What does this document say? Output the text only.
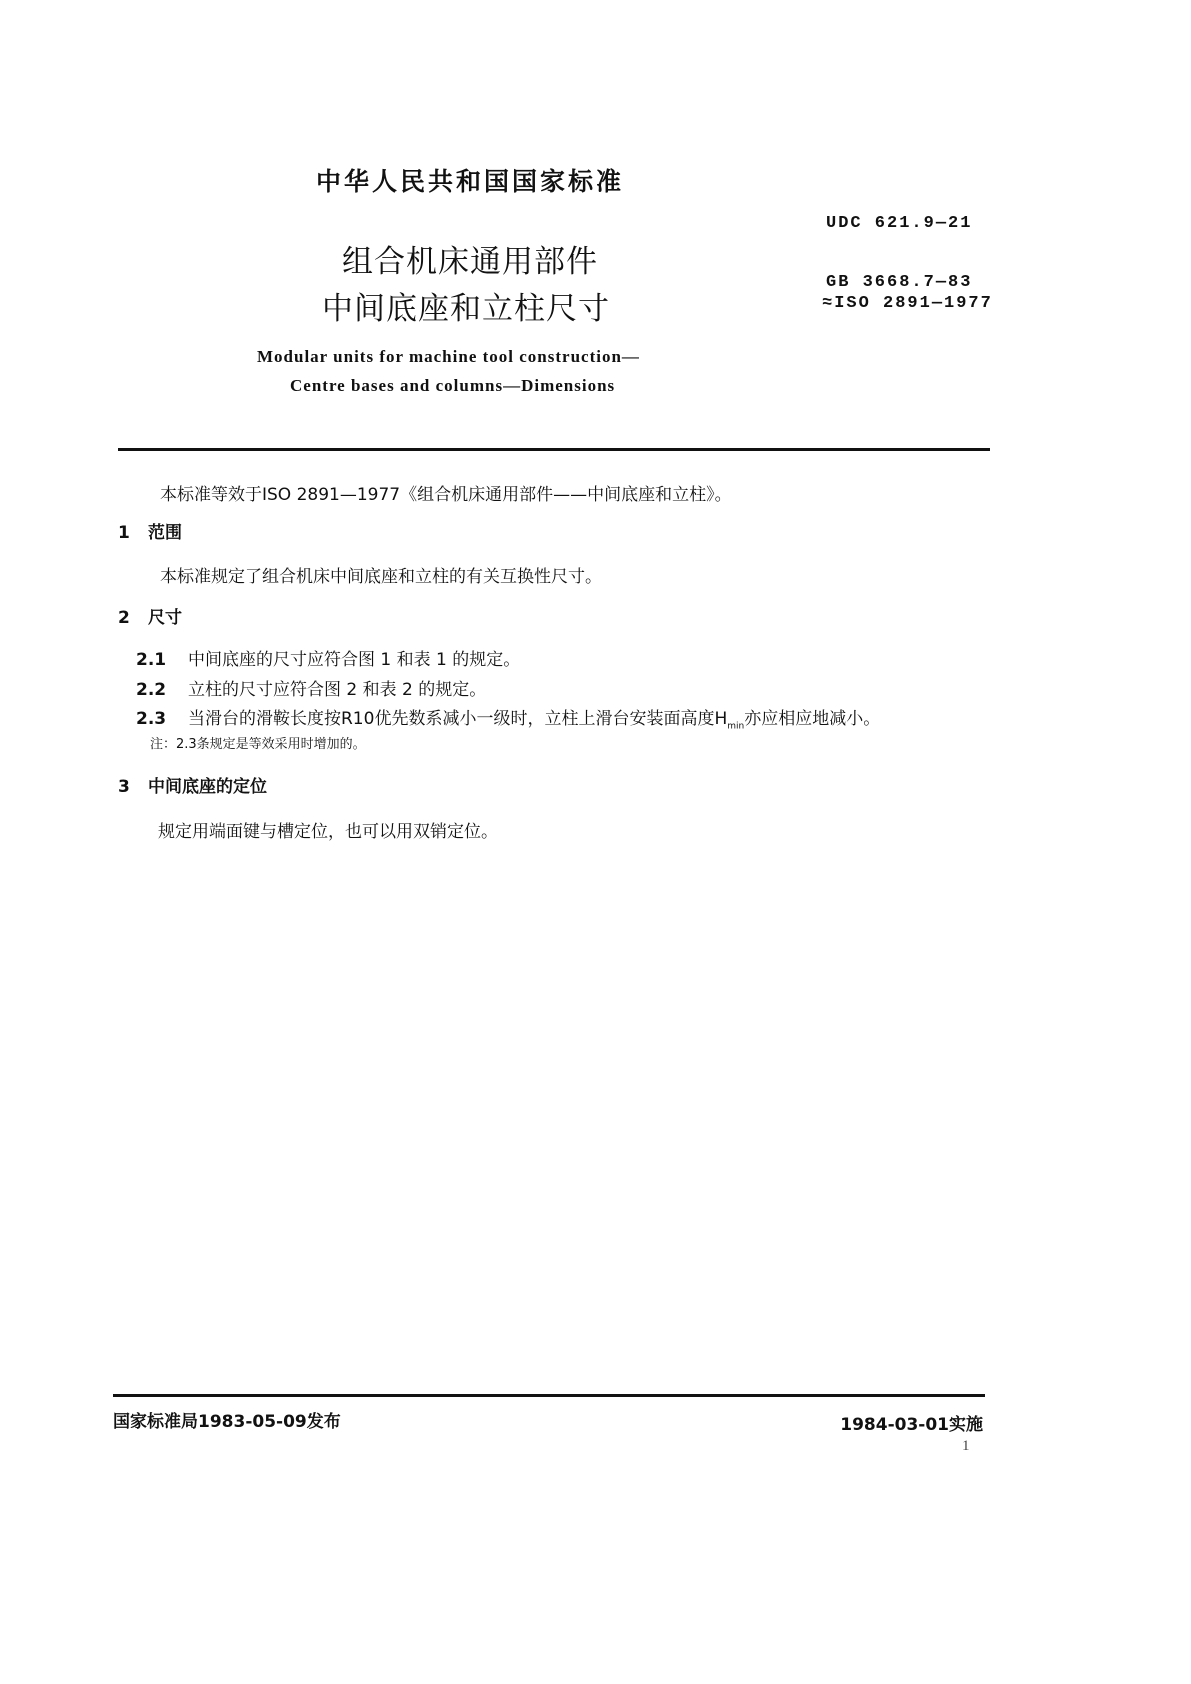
中华人民共和国国家标准
组合机床通用部件
中间底座和立柱尺寸
UDC 621.9—21
GB 3668.7—83
≈ISO 2891—1977
Modular units for machine tool construction—
Centre bases and columns—Dimensions
本标准等效于ISO 2891—1977《组合机床通用部件——中间底座和立柱》。
1 范围
本标准规定了组合机床中间底座和立柱的有关互换性尺寸。
2 尺寸
2.1 中间底座的尺寸应符合图 1 和表 1 的规定。
2.2 立柱的尺寸应符合图 2 和表 2 的规定。
2.3 当滑台的滑鞍长度按R10优先数系减小一级时，立柱上滑台安装面高度$H_{min}$亦应相应地减小。
注：2.3条规定是等效采用时增加的。
3 中间底座的定位
规定用端面键与槽定位，也可以用双销定位。
国家标准局1983-05-09发布	1984-03-01实施
1
